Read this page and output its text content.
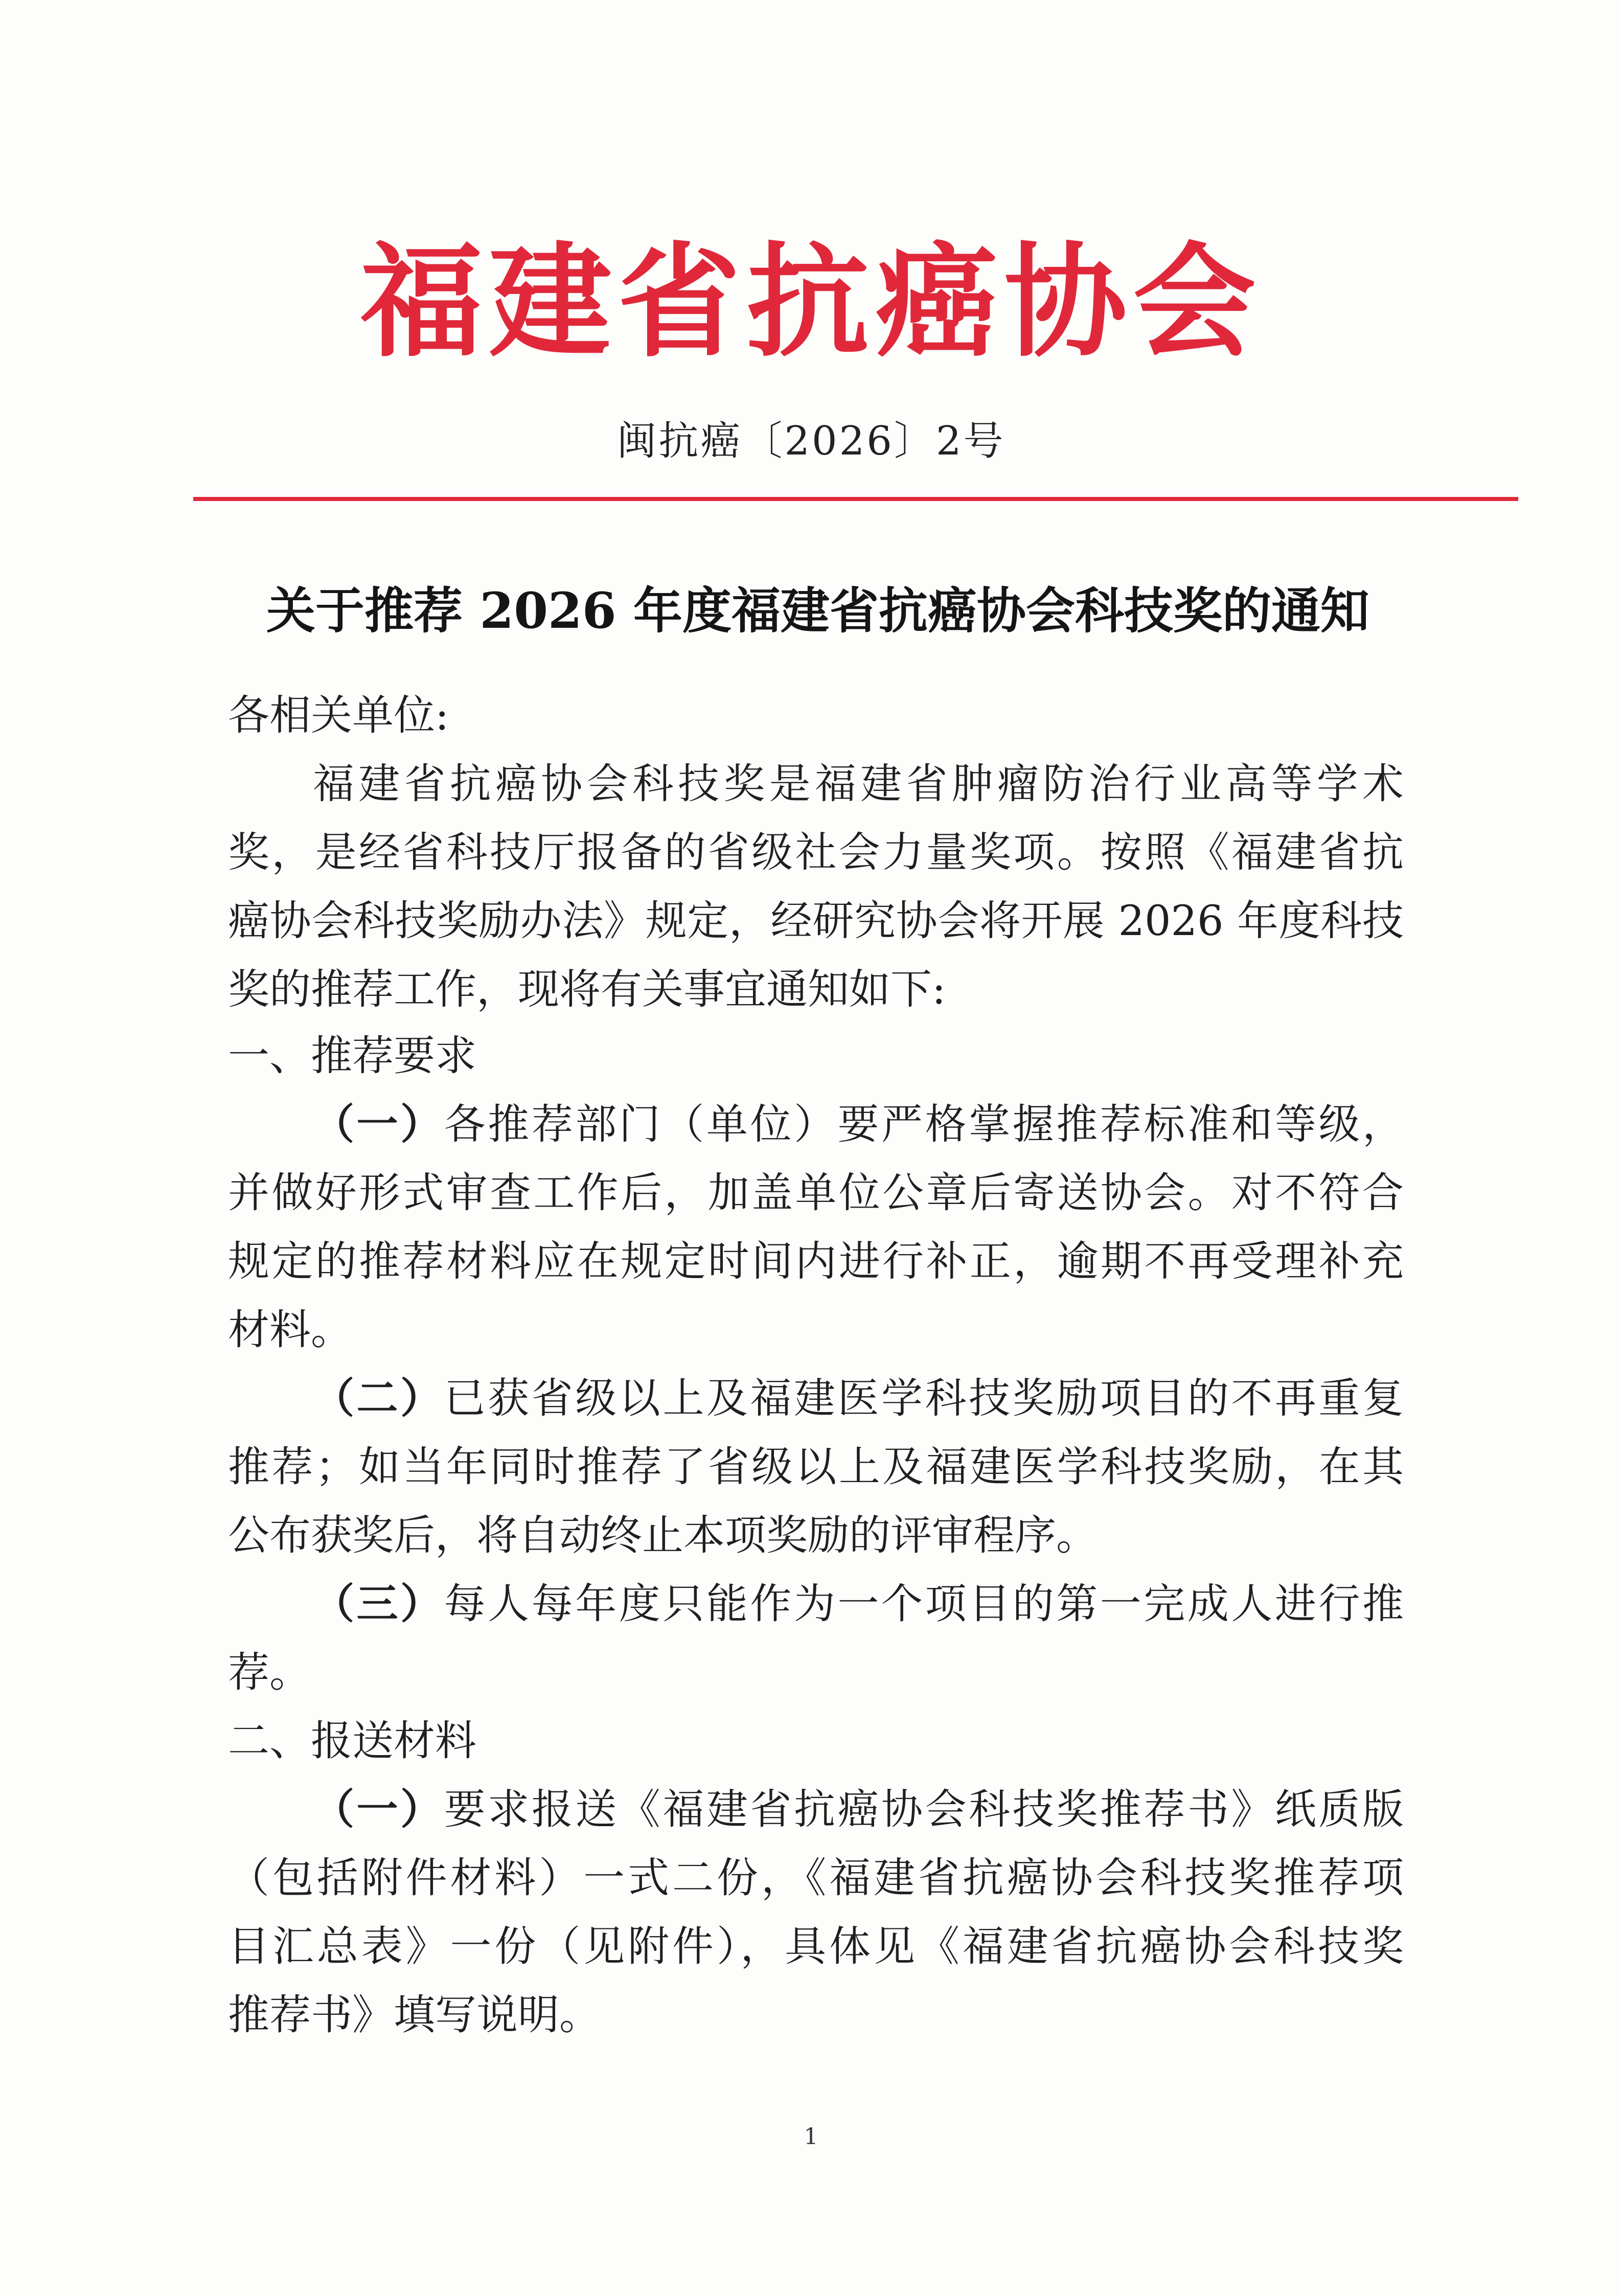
福建省抗癌协会
闽抗癌〔2026〕2号
关于推荐 2026 年度福建省抗癌协会科技奖的通知
各相关单位:
福建省抗癌协会科技奖是福建省肿瘤防治行业高等学术
奖，是经省科技厅报备的省级社会力量奖项。按照《福建省抗
癌协会科技奖励办法》规定，经研究协会将开展 2026 年度科技
奖的推荐工作，现将有关事宜通知如下:
一、推荐要求
（一）各推荐部门（单位）要严格掌握推荐标准和等级，
并做好形式审查工作后，加盖单位公章后寄送协会。对不符合
规定的推荐材料应在规定时间内进行补正，逾期不再受理补充
材料。
（二）已获省级以上及福建医学科技奖励项目的不再重复
推荐；如当年同时推荐了省级以上及福建医学科技奖励，在其
公布获奖后，将自动终止本项奖励的评审程序。
（三）每人每年度只能作为一个项目的第一完成人进行推
荐。
二、报送材料
（一）要求报送《福建省抗癌协会科技奖推荐书》纸质版
（包括附件材料）一式二份，《福建省抗癌协会科技奖推荐项
目汇总表》一份（见附件），具体见《福建省抗癌协会科技奖
推荐书》填写说明。
1
